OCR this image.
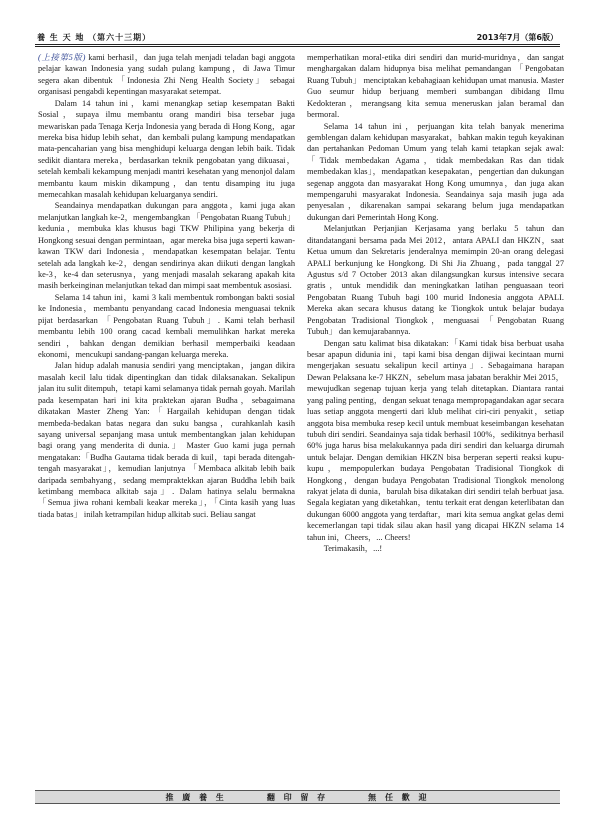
養 生 天 地 （第六十三期）	2013年7月（第6版）

(上接第5版) kami berhasil，dan juga telah menjadi teladan bagi anggota pelajar kawan Indonesia yang sudah pulang kampung，di Jawa Timur segera akan dibentuk 「Indonesia Zhi Neng Health Society」 sebagai organisasi pengabdi kepentingan masyarakat setempat.

Dalam 14 tahun ini，kami menangkap setiap kesempatan Bakti Sosial，supaya ilmu membantu orang mandiri bisa tersebar juga mewariskan pada Tenaga Kerja Indonesia yang berada di Hong Kong，agar mereka bisa hidup lebih sehat，dan kembali pulang kampung mendapatkan mata-pencaharian yang bisa menghidupi keluarga dengan lebih baik. Tidak sedikit diantara mereka，berdasarkan teknik pengobatan yang dikuasai，setelah kembali kekampung menjadi mantri kesehatan yang menonjol dalam membantu kaum miskin dikampung，dan tentu disamping itu juga memecahkan masalah kehidupan keluarganya sendiri.

Seandainya mendapatkan dukungan para anggota，kami juga akan melanjutkan langkah ke-2，mengembangkan 「Pengobatan Ruang Tubuh」 kedunia，membuka klas khusus bagi TKW Philipina yang bekerja di Hongkong sesuai dengan permintaan，agar mereka bisa juga seperti kawan-kawan TKW dari Indonesia，mendapatkan kesempatan belajar. Tentu setelah ada langkah ke-2，dengan sendirinya akan diikuti dengan langkah ke-3，ke-4 dan seterusnya，yang menjadi masalah sekarang apakah kita masih berkeinginan melanjutkan tekad dan mimpi saat membentuk asosiasi.

Selama 14 tahun ini，kami 3 kali membentuk rombongan bakti sosial ke Indonesia，membantu penyandang cacad Indonesia menguasai teknik pijat berdasarkan 「Pengobatan Ruang Tubuh」. Kami telah berhasil membantu lebih 100 orang cacad kembali memulihkan harkat mereka sendiri，bahkan dengan demikian berhasil memperbaiki keadaan ekonomi，mencukupi sandang-pangan keluarga mereka.

Jalan hidup adalah manusia sendiri yang menciptakan，jangan dikira masalah kecil lalu tidak dipentingkan dan tidak dilaksanakan. Sekalipun jalan itu sulit ditempuh，tetapi kami selamanya tidak pernah goyah. Marilah pada kesempatan hari ini kita praktekan ajaran Budha，sebagaimana dikatakan Master Zheng Yan:「Hargailah kehidupan dengan tidak membeda-bedakan batas negara dan suku bangsa，curahkanlah kasih sayang universal sepanjang masa untuk membentangkan jalan kehidupan bagi orang yang menderita di dunia.」 Master Guo kami juga pernah mengatakan:「Budha Gautama tidak berada di kuil，tapi berada ditengah-tengah masyarakat」，kemudian lanjutnya 「Membaca alkitab lebih baik daripada sembahyang，sedang mempraktekkan ajaran Buddha lebih baik ketimbang membaca alkitab saja」. Dalam hatinya selalu bermakna 「Semua jiwa rohani kembali keakar mereka」，「Cinta kasih yang luas tiada batas」 inilah ketrampilan hidup alkitab suci. Beliau sangat

memperhatikan moral-etika diri sendiri dan murid-muridnya，dan sangat menghargakan dalam hidupnya bisa melihat pemandangan 「Pengobatan Ruang Tubuh」 menciptakan kebahagiaan kehidupan umat manusia. Master Guo seumur hidup berjuang memberi sumbangan dibidang Ilmu Kedokteran，merangsang kita semua meneruskan jalan beramal dan bermoral.

Selama 14 tahun ini，perjuangan kita telah banyak menerima gemblengan dalam kehidupan masyarakat，bahkan makin teguh keyakinan dan pertahankan Pedoman Umum yang telah kami tetapkan sejak awal:「Tidak membedakan Agama，tidak membedakan Ras dan tidak membedakan klas」，mendapatkan kesepakatan，pengertian dan dukungan segenap anggota dan masyarakat Hong Kong umumnya，dan juga akan mempengaruhi masyarakat Indonesia. Seandainya saja masih juga ada penyesalan，dikarenakan sampai sekarang belum juga mendapatkan dukungan dari Pemerintah Hong Kong.

Melanjutkan Perjanjian Kerjasama yang berlaku 5 tahun dan ditandatangani bersama pada Mei 2012，antara APALI dan HKZN，saat Ketua umum dan Sekretaris jenderalnya memimpin 20-an orang delegasi APALI berkunjung ke Hongkong. Di Shi Jia Zhuang，pada tanggal 27 Agustus s/d 7 October 2013 akan dilangsungkan kursus intensive secara gratis，untuk mendidik dan meningkatkan latihan penguasaan teori Pengobatan Ruang Tubuh bagi 100 murid Indonesia anggota APALI. Mereka akan secara khusus datang ke Tiongkok untuk belajar budaya Pengobatan Tradisional Tiongkok，menguasai 「Pengobatan Ruang Tubuh」 dan kemujarabannya.

Dengan satu kalimat bisa dikatakan:「Kami tidak bisa berbuat usaha besar apapun didunia ini，tapi kami bisa dengan dijiwai kecintaan murni mengerjakan sesuatu sekalipun kecil artinya」. Sebagaimana harapan Dewan Pelaksana ke-7 HKZN，sebelum masa jabatan berakhir Mei 2015，mewujudkan segenap tujuan kerja yang telah ditetapkan. Diantara rantai yang paling penting，dengan sekuat tenaga mempropagandakan agar secara luas setiap anggota mengerti dari klub melihat ciri-ciri penyakit，setiap anggota bisa membuka resep kecil untuk membuat keseimbangan kesehatan tubuh diri sendiri. Seandainya saja tidak berhasil 100%，sedikitnya berhasil 60% juga harus bisa melakukannya pada diri sendiri dan keluarga dirumah untuk belajar. Dengan demikian HKZN bisa berperan seperti reaksi kupu-kupu，mempopulerkan budaya Pengobatan Tradisional Tiongkok di Hongkong，dengan budaya Pengobatan Tradisional Tiongkok menolong rakyat jelata di dunia，barulah bisa dikatakan diri sendiri telah berbuat jasa. Segala kegiatan yang diketahkan，tentu terkait erat dengan keterlibatan dan dukungan 6000 anggota yang terdaftar，mari kita semua angkat gelas demi kecemerlangan tapi tidak silau akan hasil yang dicapai HKZN selama 14 tahun ini，Cheers，... Cheers!

Terimakasih，...!

推 廣 養 生	翻 印 留 存	無 任 歡 迎
